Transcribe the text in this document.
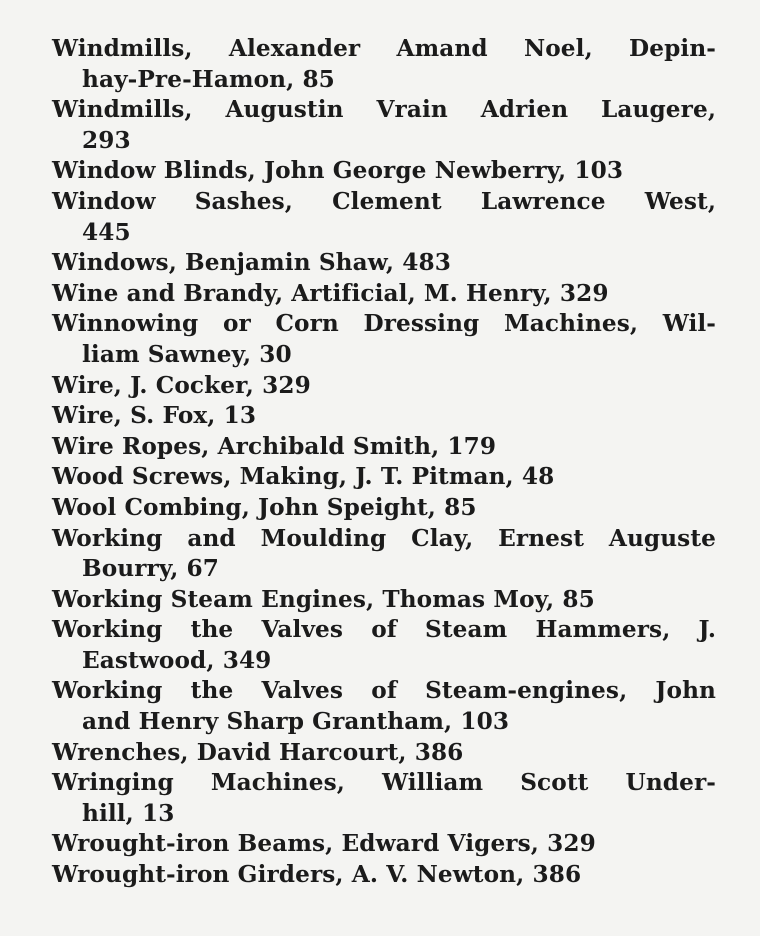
Windmills, Alexander Amand Noel, Depin-
hay-Pre-Hamon, 85
Windmills, Augustin Vrain Adrien Laugere,
293
Window Blinds, John George Newberry, 103
Window Sashes, Clement Lawrence West,
445
Windows, Benjamin Shaw, 483
Wine and Brandy, Artificial, M. Henry, 329
Winnowing or Corn Dressing Machines, Wil-
liam Sawney, 30
Wire, J. Cocker, 329
Wire, S. Fox, 13
Wire Ropes, Archibald Smith, 179
Wood Screws, Making, J. T. Pitman, 48
Wool Combing, John Speight, 85
Working and Moulding Clay, Ernest Auguste
Bourry, 67
Working Steam Engines, Thomas Moy, 85
Working the Valves of Steam Hammers, J.
Eastwood, 349
Working the Valves of Steam-engines, John
and Henry Sharp Grantham, 103
Wrenches, David Harcourt, 386
Wringing Machines, William Scott Under-
hill, 13
Wrought-iron Beams, Edward Vigers, 329
Wrought-iron Girders, A. V. Newton, 386
